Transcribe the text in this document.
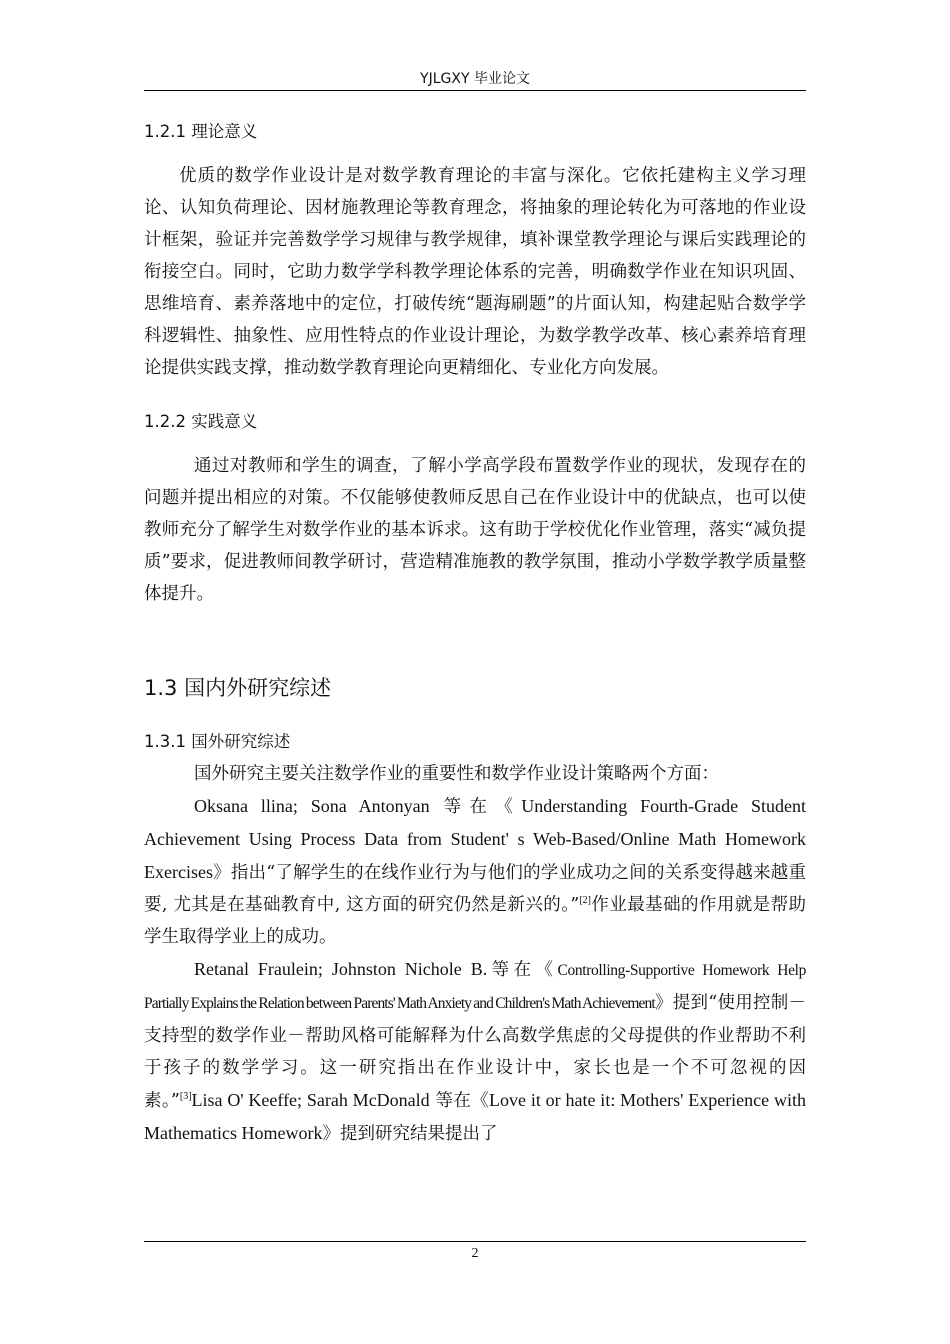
YJLGXY 毕业论文

1.2.1 理论意义

优质的数学作业设计是对数学教育理论的丰富与深化。它依托建构主义学习理论、认知负荷理论、因材施教理论等教育理念，将抽象的理论转化为可落地的作业设计框架，验证并完善数学学习规律与教学规律，填补课堂教学理论与课后实践理论的衔接空白。同时，它助力数学学科教学理论体系的完善，明确数学作业在知识巩固、思维培育、素养落地中的定位，打破传统“题海刷题”的片面认知，构建起贴合数学学科逻辑性、抽象性、应用性特点的作业设计理论，为数学教学改革、核心素养培育理论提供实践支撑，推动数学教育理论向更精细化、专业化方向发展。

1.2.2 实践意义

通过对教师和学生的调查，了解小学高学段布置数学作业的现状，发现存在的问题并提出相应的对策。不仅能够使教师反思自己在作业设计中的优缺点，也可以使教师充分了解学生对数学作业的基本诉求。这有助于学校优化作业管理，落实“减负提质”要求，促进教师间教学研讨，营造精准施教的教学氛围，推动小学数学教学质量整体提升。

1.3 国内外研究综述

1.3.1 国外研究综述

国外研究主要关注数学作业的重要性和数学作业设计策略两个方面：

Oksana llina; Sona Antonyan 等在《Understanding Fourth-Grade Student Achievement Using Process Data from Student' s Web-Based/Online Math Homework Exercises》指出“了解学生的在线作业行为与他们的学业成功之间的关系变得越来越重要, 尤其是在基础教育中, 这方面的研究仍然是新兴的。”[2]作业最基础的作用就是帮助学生取得学业上的成功。

Retanal Fraulein; Johnston Nichole B.等在《Controlling-Supportive Homework Help Partially Explains the Relation between Parents' Math Anxiety and Children's Math Achievement》提到“使用控制－支持型的数学作业－帮助风格可能解释为什么高数学焦虑的父母提供的作业帮助不利于孩子的数学学习。这一研究指出在作业设计中，家长也是一个不可忽视的因素。”[3]Lisa O' Keeffe; Sarah McDonald 等在《Love it or hate it: Mothers' Experience with Mathematics Homework》提到研究结果提出了

2
